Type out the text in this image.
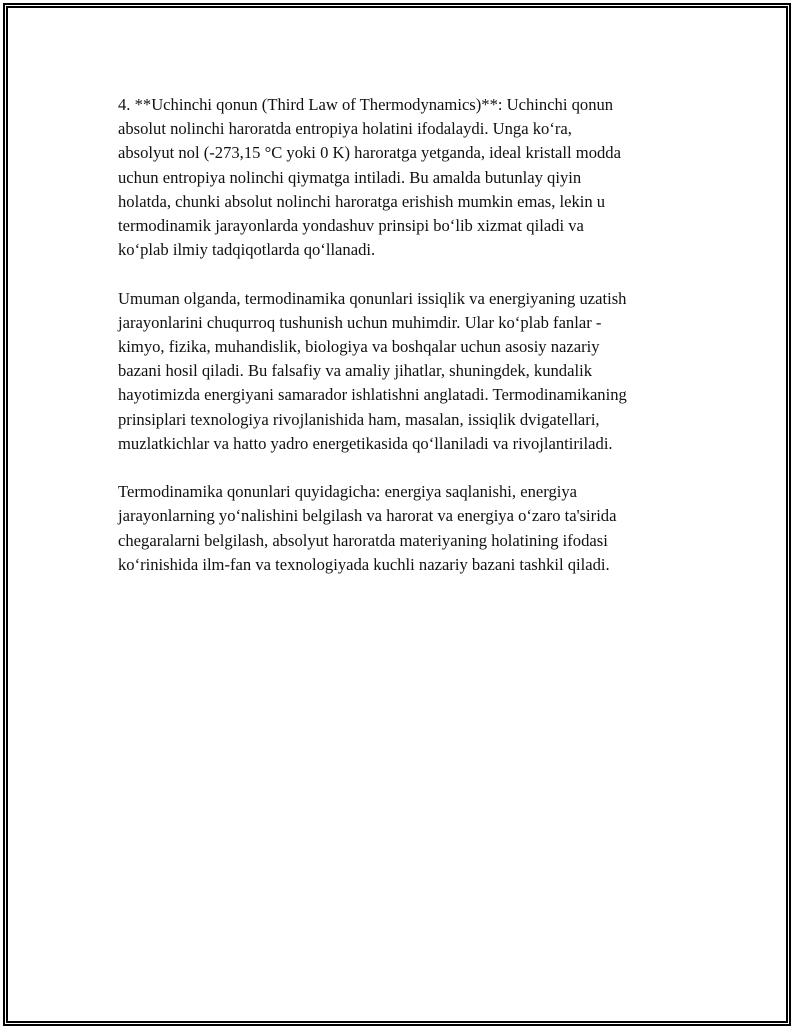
4. **Uchinchi qonun (Third Law of Thermodynamics)**: Uchinchi qonun
absolut nolinchi haroratda entropiya holatini ifodalaydi. Unga koʻra,
absolyut nol (-273,15 °C yoki 0 K) haroratga yetganda, ideal kristall modda
uchun entropiya nolinchi qiymatga intiladi. Bu amalda butunlay qiyin
holatda, chunki absolut nolinchi haroratga erishish mumkin emas, lekin u
termodinamik jarayonlarda yondashuv prinsipi boʻlib xizmat qiladi va
koʻplab ilmiy tadqiqotlarda qoʻllanadi.

Umuman olganda, termodinamika qonunlari issiqlik va energiyaning uzatish
jarayonlarini chuqurroq tushunish uchun muhimdir. Ular koʻplab fanlar -
kimyo, fizika, muhandislik, biologiya va boshqalar uchun asosiy nazariy
bazani hosil qiladi. Bu falsafiy va amaliy jihatlar, shuningdek, kundalik
hayotimizda energiyani samarador ishlatishni anglatadi. Termodinamikaning
prinsiplari texnologiya rivojlanishida ham, masalan, issiqlik dvigatellari,
muzlatkichlar va hatto yadro energetikasida qoʻllaniladi va rivojlantiriladi.

Termodinamika qonunlari quyidagicha: energiya saqlanishi, energiya
jarayonlarning yoʻnalishini belgilash va harorat va energiya oʻzaro ta'sirida
chegaralarni belgilash, absolyut haroratda materiyaning holatining ifodasi
koʻrinishida ilm-fan va texnologiyada kuchli nazariy bazani tashkil qiladi.
